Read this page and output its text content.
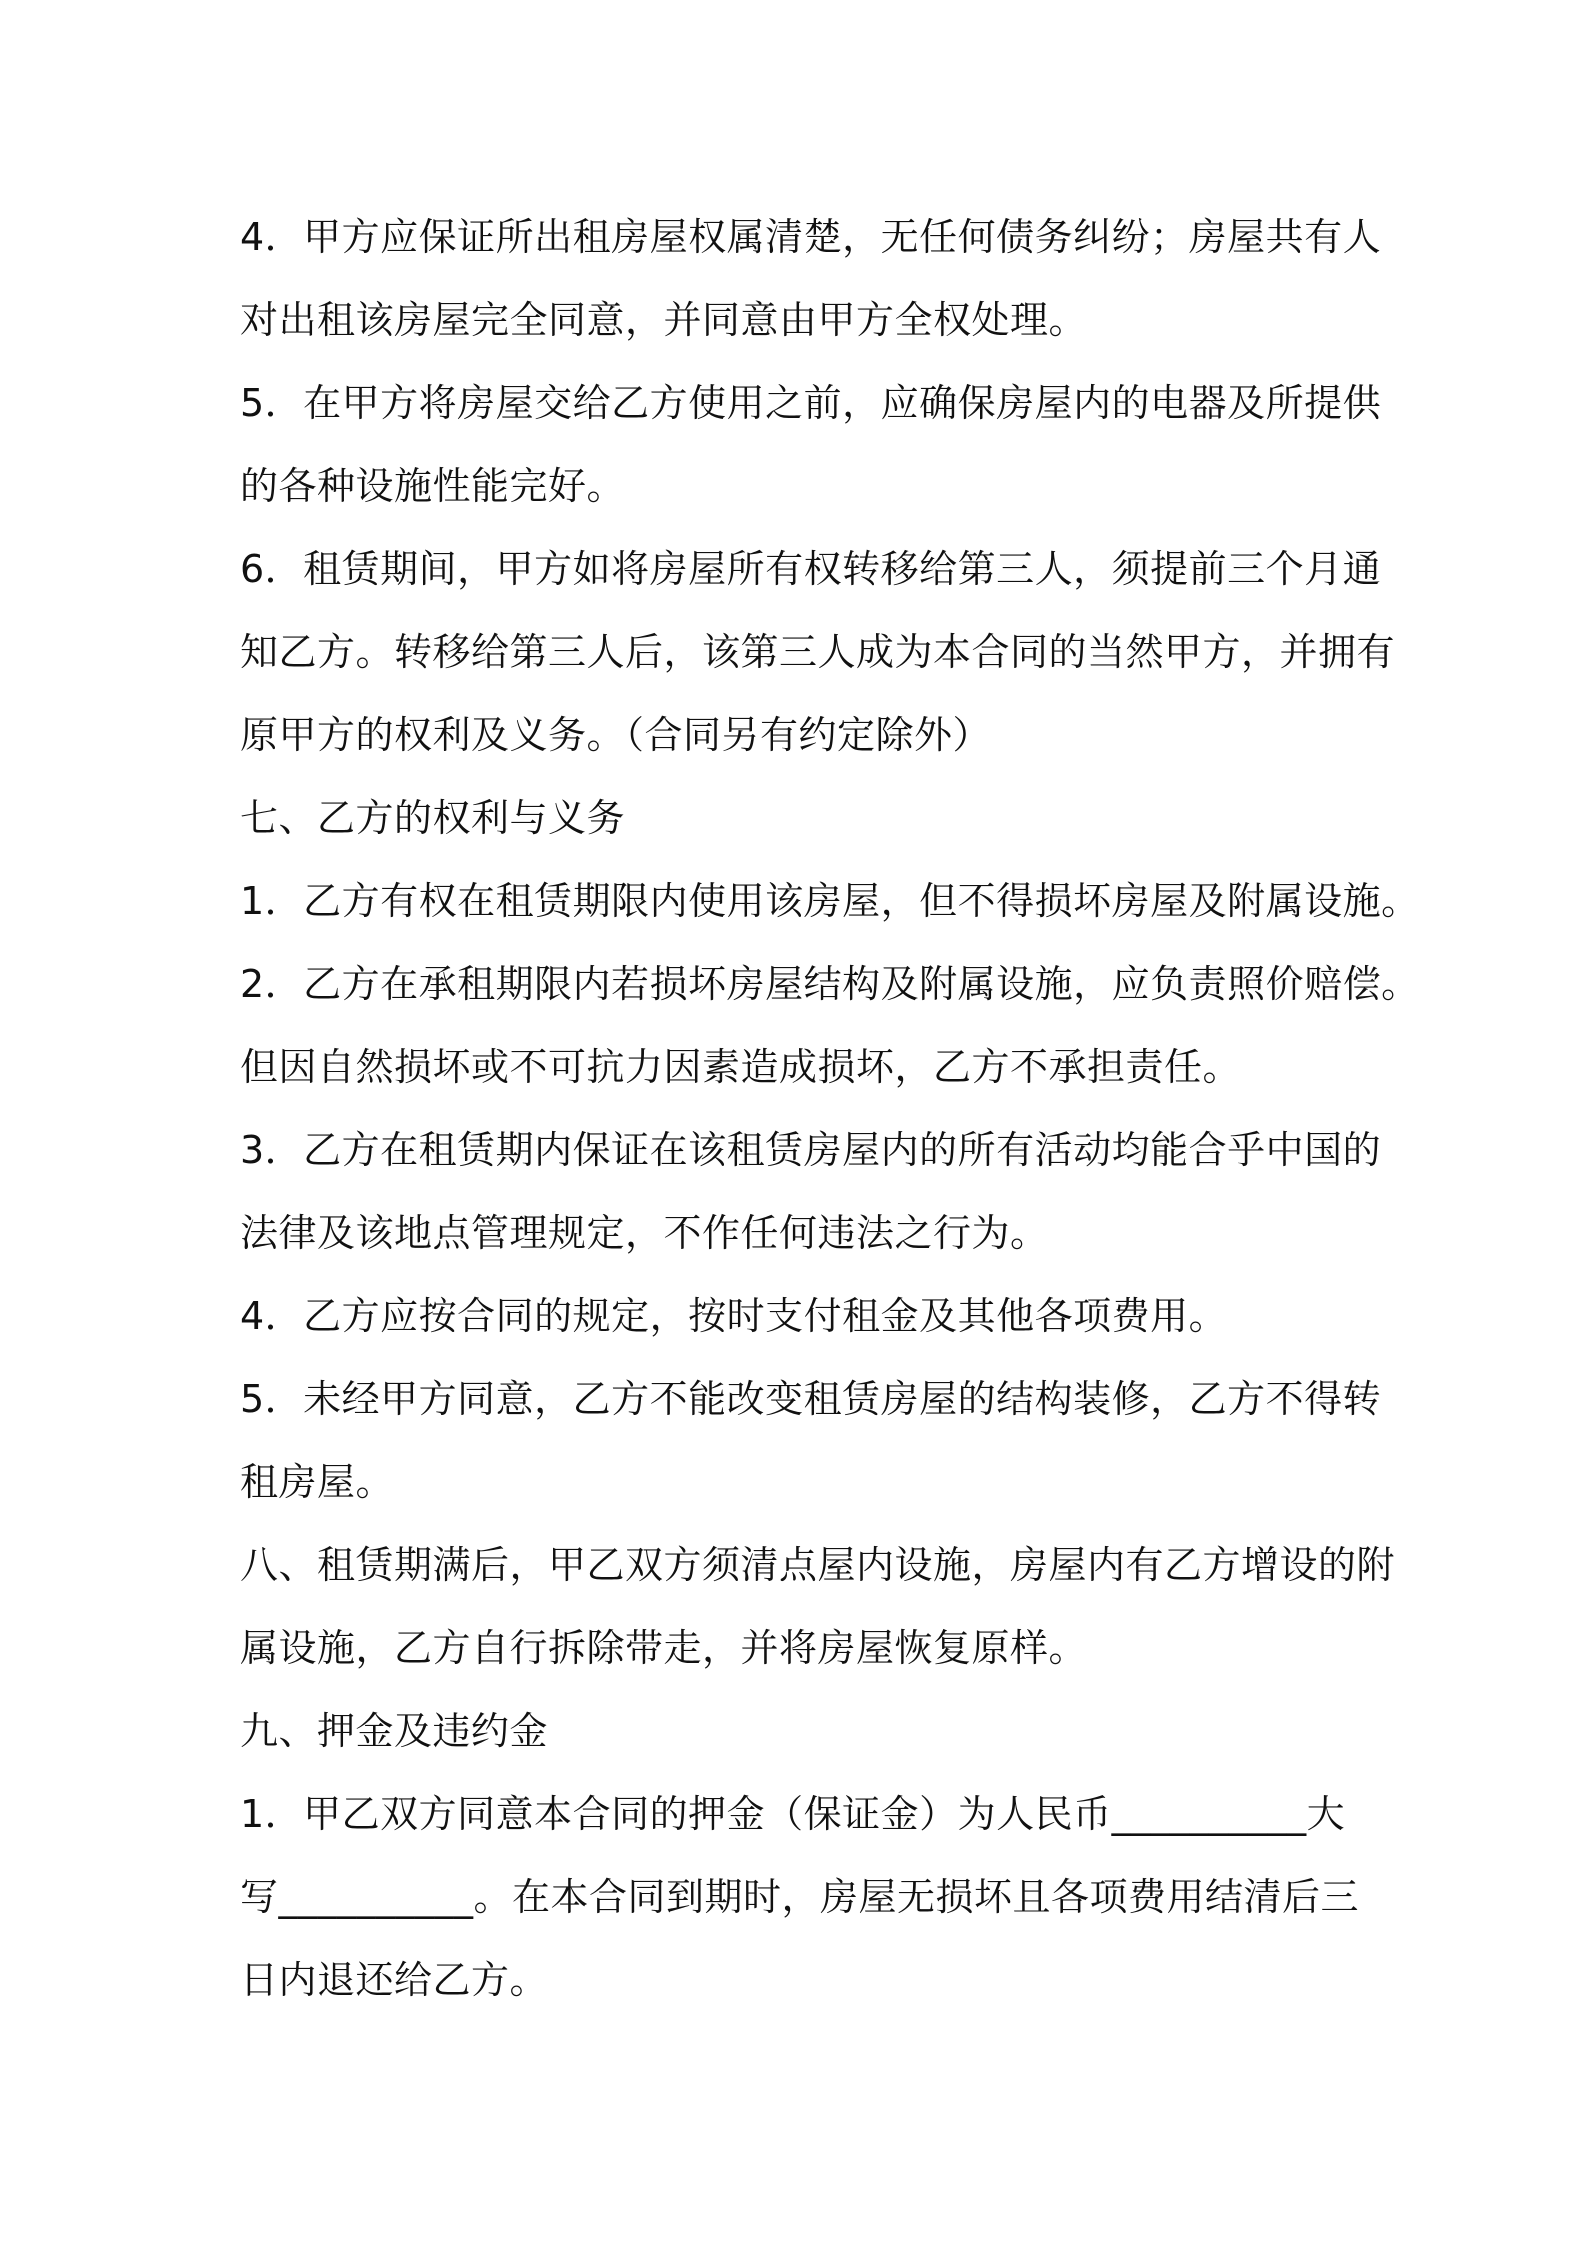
4．甲方应保证所出租房屋权属清楚，无任何债务纠纷；房屋共有人

对出租该房屋完全同意，并同意由甲方全权处理。

5．在甲方将房屋交给乙方使用之前，应确保房屋内的电器及所提供

的各种设施性能完好。

6．租赁期间，甲方如将房屋所有权转移给第三人，须提前三个月通

知乙方。转移给第三人后，该第三人成为本合同的当然甲方，并拥有

原甲方的权利及义务。（合同另有约定除外）

七、乙方的权利与义务

1．乙方有权在租赁期限内使用该房屋，但不得损坏房屋及附属设施。

2．乙方在承租期限内若损坏房屋结构及附属设施，应负责照价赔偿。

但因自然损坏或不可抗力因素造成损坏，乙方不承担责任。

3．乙方在租赁期内保证在该租赁房屋内的所有活动均能合乎中国的

法律及该地点管理规定，不作任何违法之行为。

4．乙方应按合同的规定，按时支付租金及其他各项费用。

5．未经甲方同意，乙方不能改变租赁房屋的结构装修，乙方不得转

租房屋。

八、租赁期满后，甲乙双方须清点屋内设施，房屋内有乙方增设的附

属设施，乙方自行拆除带走，并将房屋恢复原样。

九、押金及违约金

1．甲乙双方同意本合同的押金（保证金）为人民币__________大

写__________。在本合同到期时，房屋无损坏且各项费用结清后三

日内退还给乙方。
